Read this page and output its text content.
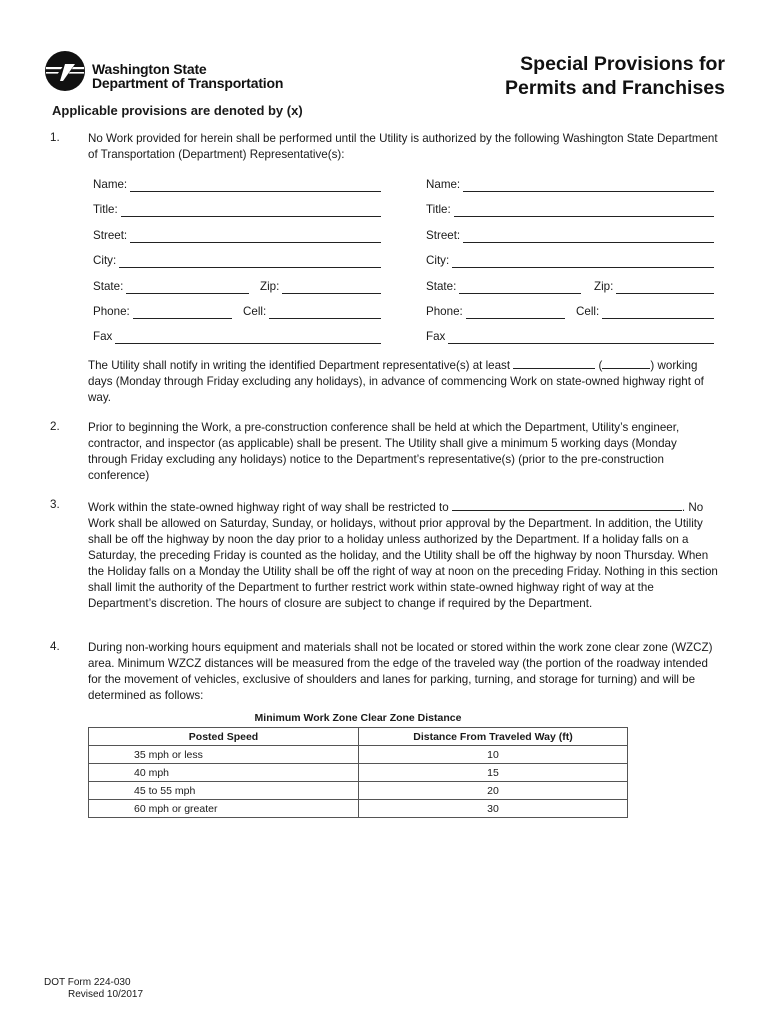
Washington State
Department of Transportation
Special Provisions for
Permits and Franchises
Applicable provisions are denoted by (x)
1. No Work provided for herein shall be performed until the Utility is authorized by the following Washington State Department of Transportation (Department) Representative(s):
Name:
Title:
Street:
City:
State:	Zip:
Phone:	Cell:
Fax
Name:
Title:
Street:
City:
State:	Zip:
Phone:	Cell:
Fax
The Utility shall notify in writing the identified Department representative(s) at least	(	) working days (Monday through Friday excluding any holidays), in advance of commencing Work on state-owned highway right of way.
2. Prior to beginning the Work, a pre-construction conference shall be held at which the Department, Utility’s engineer, contractor, and inspector (as applicable) shall be present. The Utility shall give a minimum 5 working days (Monday through Friday excluding any holidays) notice to the Department’s representative(s) (prior to the pre-construction conference)
3. Work within the state-owned highway right of way shall be restricted to	. No Work shall be allowed on Saturday, Sunday, or holidays, without prior approval by the Department. In addition, the Utility shall be off the highway by noon the day prior to a holiday unless authorized by the Department. If a holiday falls on a Saturday, the preceding Friday is counted as the holiday, and the Utility shall be off the highway by noon Thursday. When the Holiday falls on a Monday the Utility shall be off the right of way at noon on the preceding Friday. Nothing in this section shall limit the authority of the Department to further restrict work within state-owned highway right of way at the Department’s discretion. The hours of closure are subject to change if required by the Department.
4. During non-working hours equipment and materials shall not be located or stored within the work zone clear zone (WZCZ) area. Minimum WZCZ distances will be measured from the edge of the traveled way (the portion of the roadway intended for the movement of vehicles, exclusive of shoulders and lanes for parking, turning, and storage for turning) and will be determined as follows:
Minimum Work Zone Clear Zone Distance
Posted Speed	Distance From Traveled Way (ft)
35 mph or less	10
40 mph	15
45 to 55 mph	20
60 mph or greater	30
DOT Form 224-030
Revised 10/2017
